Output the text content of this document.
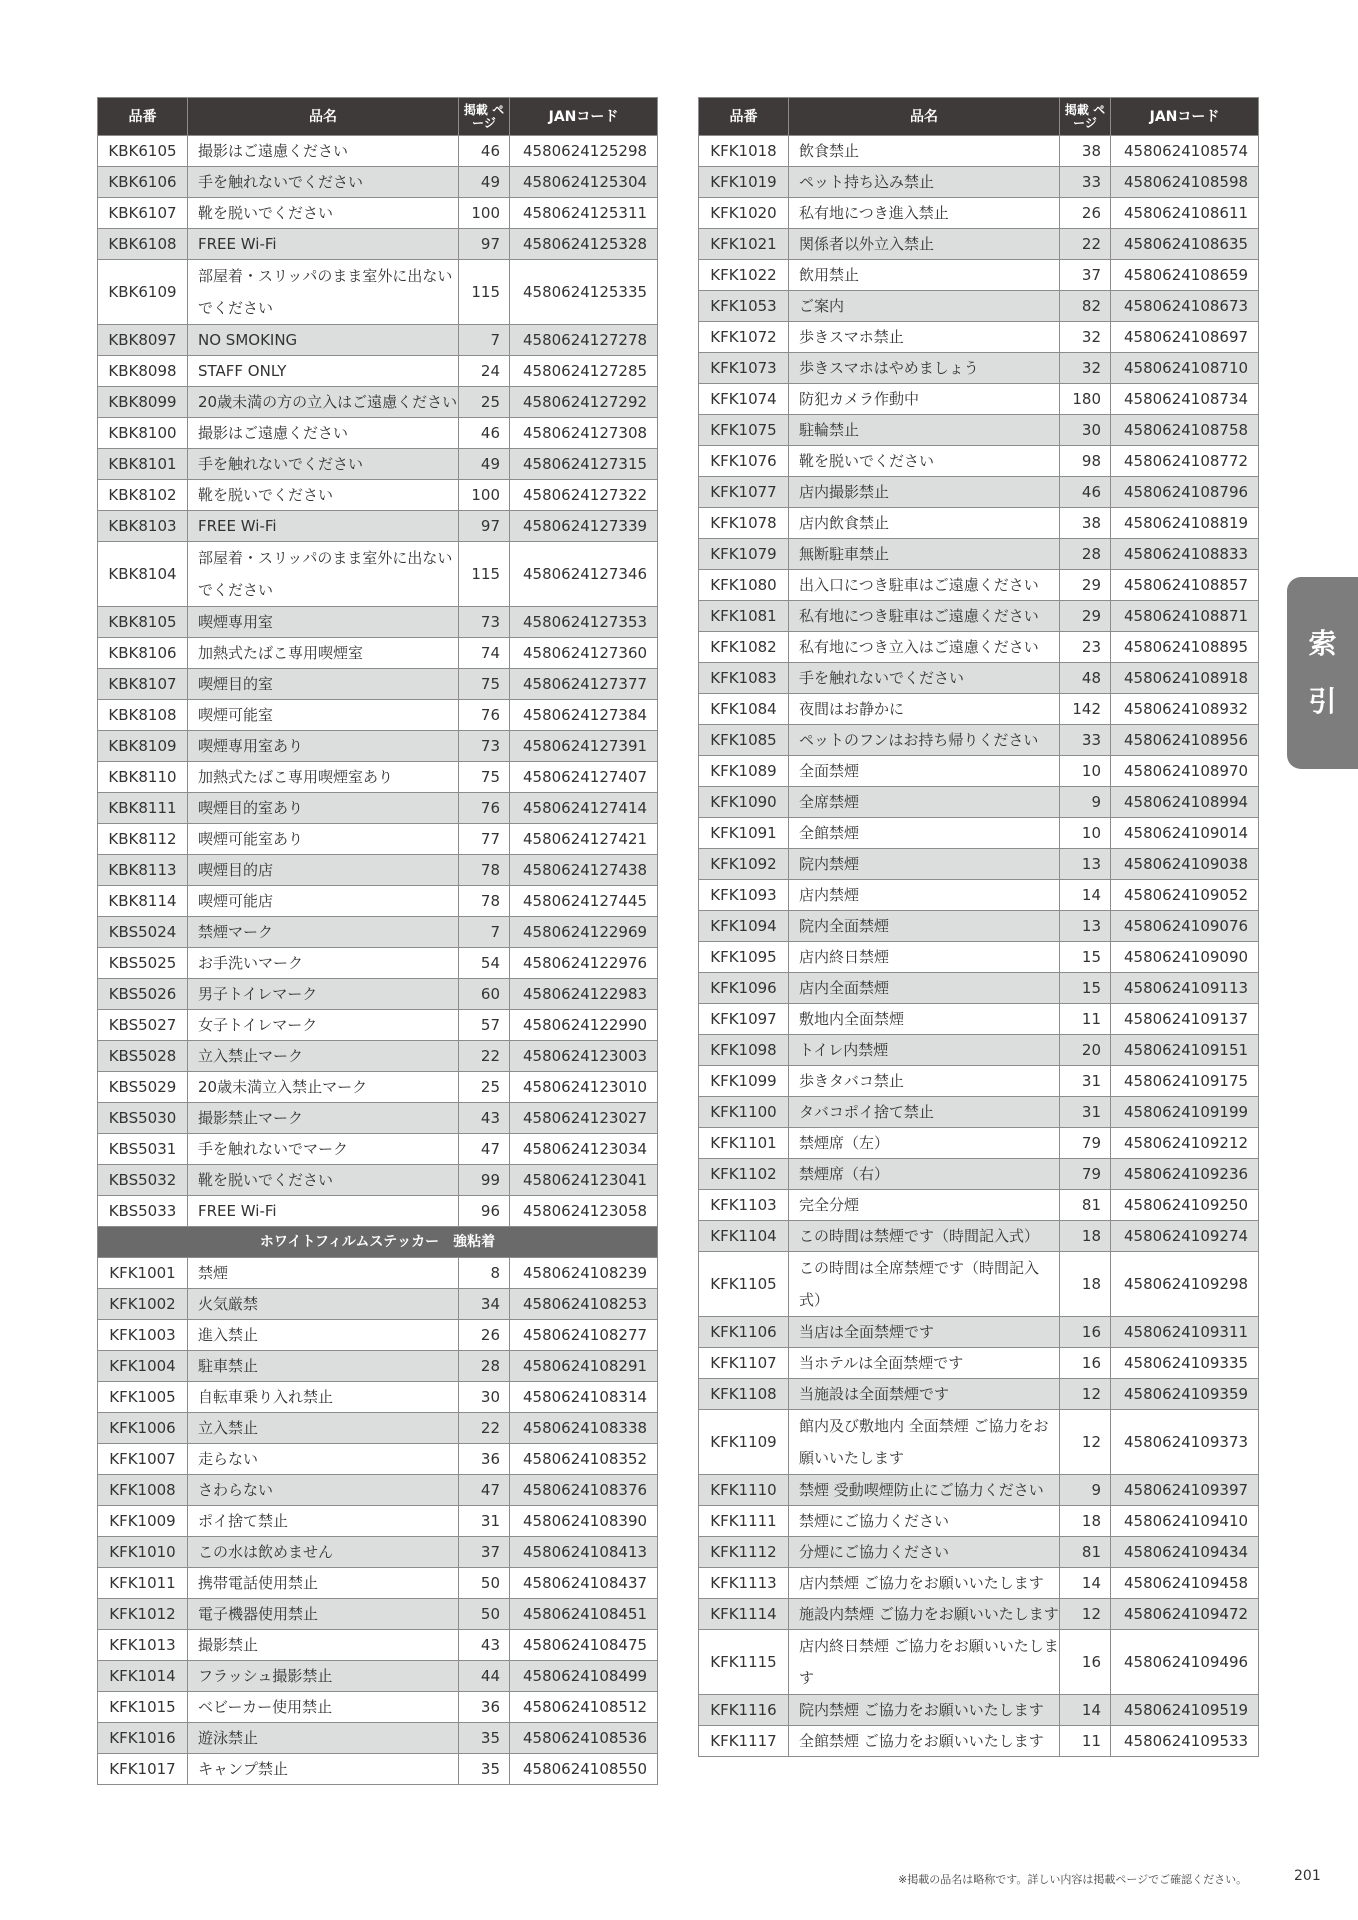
品番	品名	掲載 ページ	JANコード
KBK6105	撮影はご遠慮ください	46	4580624125298
KBK6106	手を触れないでください	49	4580624125304
KBK6107	靴を脱いでください	100	4580624125311
KBK6108	FREE Wi-Fi	97	4580624125328
KBK6109	部屋着・スリッパのまま室外に出ないでください	115	4580624125335
KBK8097	NO SMOKING	7	4580624127278
KBK8098	STAFF ONLY	24	4580624127285
KBK8099	20歳未満の方の立入はご遠慮ください	25	4580624127292
KBK8100	撮影はご遠慮ください	46	4580624127308
KBK8101	手を触れないでください	49	4580624127315
KBK8102	靴を脱いでください	100	4580624127322
KBK8103	FREE Wi-Fi	97	4580624127339
KBK8104	部屋着・スリッパのまま室外に出ないでください	115	4580624127346
KBK8105	喫煙専用室	73	4580624127353
KBK8106	加熱式たばこ専用喫煙室	74	4580624127360
KBK8107	喫煙目的室	75	4580624127377
KBK8108	喫煙可能室	76	4580624127384
KBK8109	喫煙専用室あり	73	4580624127391
KBK8110	加熱式たばこ専用喫煙室あり	75	4580624127407
KBK8111	喫煙目的室あり	76	4580624127414
KBK8112	喫煙可能室あり	77	4580624127421
KBK8113	喫煙目的店	78	4580624127438
KBK8114	喫煙可能店	78	4580624127445
KBS5024	禁煙マーク	7	4580624122969
KBS5025	お手洗いマーク	54	4580624122976
KBS5026	男子トイレマーク	60	4580624122983
KBS5027	女子トイレマーク	57	4580624122990
KBS5028	立入禁止マーク	22	4580624123003
KBS5029	20歳未満立入禁止マーク	25	4580624123010
KBS5030	撮影禁止マーク	43	4580624123027
KBS5031	手を触れないでマーク	47	4580624123034
KBS5032	靴を脱いでください	99	4580624123041
KBS5033	FREE Wi-Fi	96	4580624123058
ホワイトフィルムステッカー　強粘着			
KFK1001	禁煙	8	4580624108239
KFK1002	火気厳禁	34	4580624108253
KFK1003	進入禁止	26	4580624108277
KFK1004	駐車禁止	28	4580624108291
KFK1005	自転車乗り入れ禁止	30	4580624108314
KFK1006	立入禁止	22	4580624108338
KFK1007	走らない	36	4580624108352
KFK1008	さわらない	47	4580624108376
KFK1009	ポイ捨て禁止	31	4580624108390
KFK1010	この水は飲めません	37	4580624108413
KFK1011	携帯電話使用禁止	50	4580624108437
KFK1012	電子機器使用禁止	50	4580624108451
KFK1013	撮影禁止	43	4580624108475
KFK1014	フラッシュ撮影禁止	44	4580624108499
KFK1015	ベビーカー使用禁止	36	4580624108512
KFK1016	遊泳禁止	35	4580624108536
KFK1017	キャンプ禁止	35	4580624108550
品番	品名	掲載 ページ	JANコード
KFK1018	飲食禁止	38	4580624108574
KFK1019	ペット持ち込み禁止	33	4580624108598
KFK1020	私有地につき進入禁止	26	4580624108611
KFK1021	関係者以外立入禁止	22	4580624108635
KFK1022	飲用禁止	37	4580624108659
KFK1053	ご案内	82	4580624108673
KFK1072	歩きスマホ禁止	32	4580624108697
KFK1073	歩きスマホはやめましょう	32	4580624108710
KFK1074	防犯カメラ作動中	180	4580624108734
KFK1075	駐輪禁止	30	4580624108758
KFK1076	靴を脱いでください	98	4580624108772
KFK1077	店内撮影禁止	46	4580624108796
KFK1078	店内飲食禁止	38	4580624108819
KFK1079	無断駐車禁止	28	4580624108833
KFK1080	出入口につき駐車はご遠慮ください	29	4580624108857
KFK1081	私有地につき駐車はご遠慮ください	29	4580624108871
KFK1082	私有地につき立入はご遠慮ください	23	4580624108895
KFK1083	手を触れないでください	48	4580624108918
KFK1084	夜間はお静かに	142	4580624108932
KFK1085	ペットのフンはお持ち帰りください	33	4580624108956
KFK1089	全面禁煙	10	4580624108970
KFK1090	全席禁煙	9	4580624108994
KFK1091	全館禁煙	10	4580624109014
KFK1092	院内禁煙	13	4580624109038
KFK1093	店内禁煙	14	4580624109052
KFK1094	院内全面禁煙	13	4580624109076
KFK1095	店内終日禁煙	15	4580624109090
KFK1096	店内全面禁煙	15	4580624109113
KFK1097	敷地内全面禁煙	11	4580624109137
KFK1098	トイレ内禁煙	20	4580624109151
KFK1099	歩きタバコ禁止	31	4580624109175
KFK1100	タバコポイ捨て禁止	31	4580624109199
KFK1101	禁煙席（左）	79	4580624109212
KFK1102	禁煙席（右）	79	4580624109236
KFK1103	完全分煙	81	4580624109250
KFK1104	この時間は禁煙です（時間記入式）	18	4580624109274
KFK1105	この時間は全席禁煙です（時間記入式）	18	4580624109298
KFK1106	当店は全面禁煙です	16	4580624109311
KFK1107	当ホテルは全面禁煙です	16	4580624109335
KFK1108	当施設は全面禁煙です	12	4580624109359
KFK1109	館内及び敷地内 全面禁煙 ご協力をお願いいたします	12	4580624109373
KFK1110	禁煙 受動喫煙防止にご協力ください	9	4580624109397
KFK1111	禁煙にご協力ください	18	4580624109410
KFK1112	分煙にご協力ください	81	4580624109434
KFK1113	店内禁煙 ご協力をお願いいたします	14	4580624109458
KFK1114	施設内禁煙 ご協力をお願いいたします	12	4580624109472
KFK1115	店内終日禁煙 ご協力をお願いいたします	16	4580624109496
KFK1116	院内禁煙 ご協力をお願いいたします	14	4580624109519
KFK1117	全館禁煙 ご協力をお願いいたします	11	4580624109533
索
引
※掲載の品名は略称です。詳しい内容は掲載ページでご確認ください。	201
